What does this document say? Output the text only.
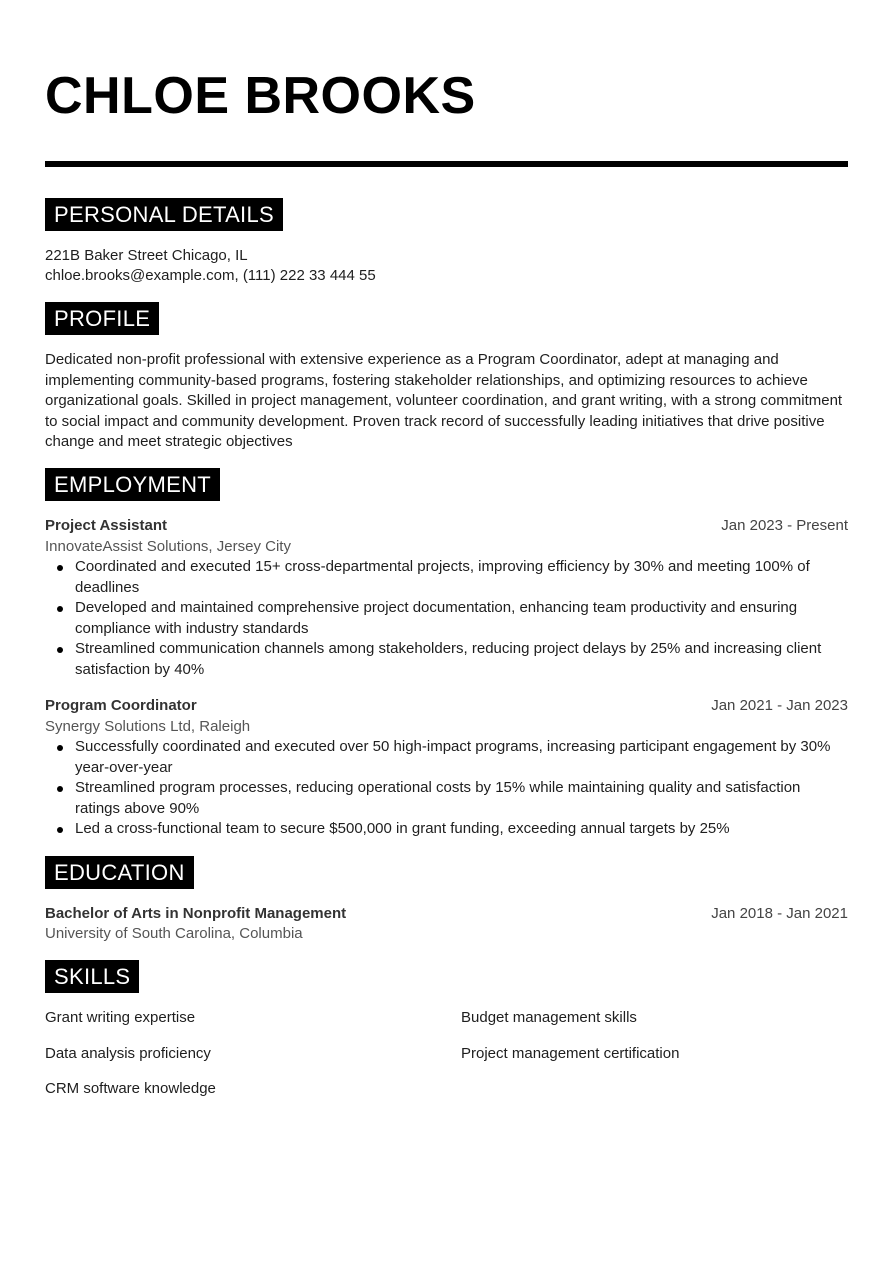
CHLOE BROOKS
PERSONAL DETAILS
221B Baker Street Chicago, IL
chloe.brooks@example.com, (111) 222 33 444 55
PROFILE
Dedicated non-profit professional with extensive experience as a Program Coordinator, adept at managing and implementing community-based programs, fostering stakeholder relationships, and optimizing resources to achieve organizational goals. Skilled in project management, volunteer coordination, and grant writing, with a strong commitment to social impact and community development. Proven track record of successfully leading initiatives that drive positive change and meet strategic objectives
EMPLOYMENT
Project Assistant	Jan 2023 - Present
InnovateAssist Solutions, Jersey City
Coordinated and executed 15+ cross-departmental projects, improving efficiency by 30% and meeting 100% of deadlines
Developed and maintained comprehensive project documentation, enhancing team productivity and ensuring compliance with industry standards
Streamlined communication channels among stakeholders, reducing project delays by 25% and increasing client satisfaction by 40%
Program Coordinator	Jan 2021 - Jan 2023
Synergy Solutions Ltd, Raleigh
Successfully coordinated and executed over 50 high-impact programs, increasing participant engagement by 30% year-over-year
Streamlined program processes, reducing operational costs by 15% while maintaining quality and satisfaction ratings above 90%
Led a cross-functional team to secure $500,000 in grant funding, exceeding annual targets by 25%
EDUCATION
Bachelor of Arts in Nonprofit Management	Jan 2018 - Jan 2021
University of South Carolina, Columbia
SKILLS
Grant writing expertise	Budget management skills
Data analysis proficiency	Project management certification
CRM software knowledge
